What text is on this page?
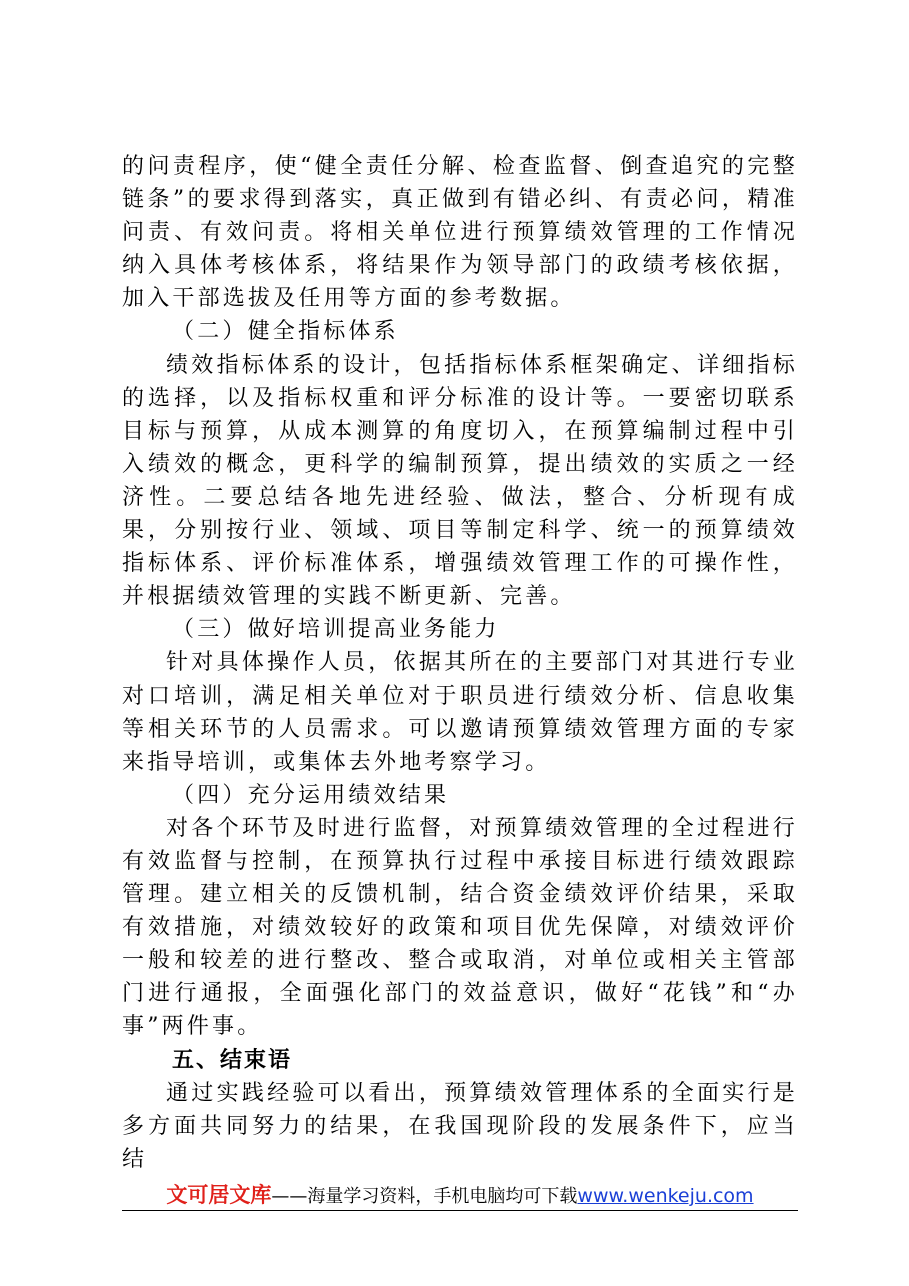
的问责程序，使“健全责任分解、检查监督、倒查追究的完整链条”的要求得到落实，真正做到有错必纠、有责必问，精准问责、有效问责。将相关单位进行预算绩效管理的工作情况纳入具体考核体系，将结果作为领导部门的政绩考核依据，加入干部选拔及任用等方面的参考数据。

（二）健全指标体系

绩效指标体系的设计，包括指标体系框架确定、详细指标的选择，以及指标权重和评分标准的设计等。一要密切联系目标与预算，从成本测算的角度切入，在预算编制过程中引入绩效的概念，更科学的编制预算，提出绩效的实质之一经济性。二要总结各地先进经验、做法，整合、分析现有成果，分别按行业、领域、项目等制定科学、统一的预算绩效指标体系、评价标准体系，增强绩效管理工作的可操作性，并根据绩效管理的实践不断更新、完善。

（三）做好培训提高业务能力

针对具体操作人员，依据其所在的主要部门对其进行专业对口培训，满足相关单位对于职员进行绩效分析、信息收集等相关环节的人员需求。可以邀请预算绩效管理方面的专家来指导培训，或集体去外地考察学习。

（四）充分运用绩效结果

对各个环节及时进行监督，对预算绩效管理的全过程进行有效监督与控制，在预算执行过程中承接目标进行绩效跟踪管理。建立相关的反馈机制，结合资金绩效评价结果，采取有效措施，对绩效较好的政策和项目优先保障，对绩效评价一般和较差的进行整改、整合或取消，对单位或相关主管部门进行通报，全面强化部门的效益意识，做好“花钱”和“办事”两件事。

五、结束语

通过实践经验可以看出，预算绩效管理体系的全面实行是多方面共同努力的结果，在我国现阶段的发展条件下，应当结

文可居文库——海量学习资料，手机电脑均可下载www.wenkeju.com
